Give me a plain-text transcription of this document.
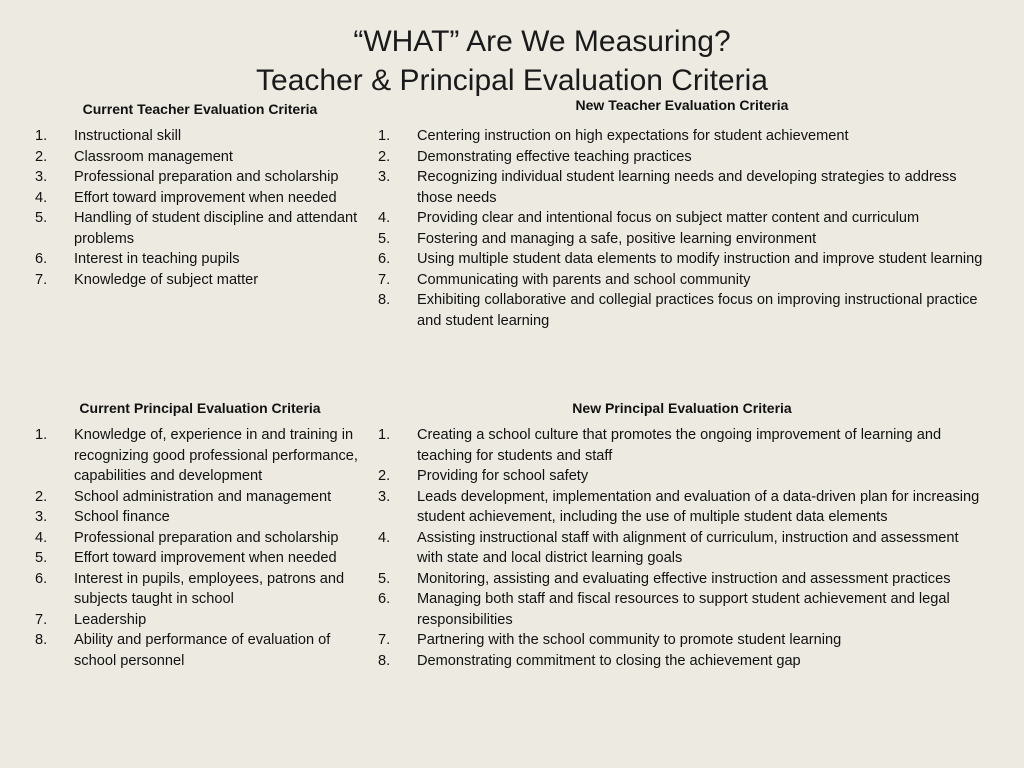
“WHAT” Are We Measuring?
Teacher & Principal Evaluation Criteria
Current Teacher Evaluation Criteria
1. Instructional skill
2. Classroom management
3. Professional preparation and scholarship
4. Effort toward improvement when needed
5. Handling of student discipline and attendant problems
6. Interest in teaching pupils
7. Knowledge of subject matter
New Teacher Evaluation Criteria
1. Centering instruction on high expectations for student achievement
2. Demonstrating effective teaching practices
3. Recognizing individual student learning needs and developing strategies to address those needs
4. Providing clear and intentional focus on subject matter content and curriculum
5. Fostering and managing a safe, positive learning environment
6. Using multiple student data elements to modify instruction and improve student learning
7. Communicating with parents and school community
8. Exhibiting collaborative and collegial practices focus on improving instructional practice and student learning
Current Principal Evaluation Criteria
1. Knowledge of, experience in and training in recognizing good professional performance, capabilities and development
2. School administration and management
3. School finance
4. Professional preparation and scholarship
5. Effort toward improvement when needed
6. Interest in pupils, employees, patrons and subjects taught in school
7. Leadership
8. Ability and performance of evaluation of school personnel
New Principal Evaluation Criteria
1. Creating a school culture that promotes the ongoing improvement of learning and teaching for students and staff
2. Providing for school safety
3. Leads development, implementation and evaluation of a data-driven plan for increasing student achievement, including the use of multiple student data elements
4. Assisting instructional staff with alignment of curriculum, instruction and assessment with state and local district learning goals
5. Monitoring, assisting and evaluating effective instruction and assessment practices
6. Managing both staff and fiscal resources to support student achievement and legal responsibilities
7. Partnering with the school community to promote student learning
8. Demonstrating commitment to closing the achievement gap
